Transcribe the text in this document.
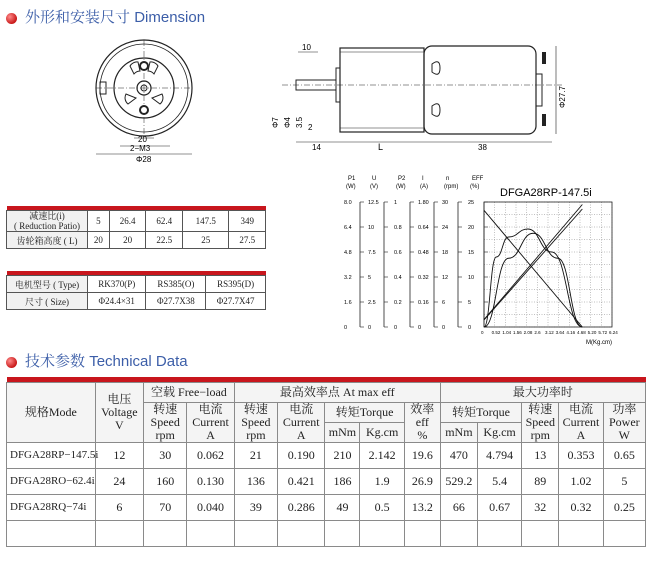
外形和安装尺寸 Dimension
20
2−M3
Φ28
10
Φ7 Φ4 3.5 2
14	L	38
Φ27.7

减速比(i)
( Reduction Patio)	5	26.4	62.4	147.5	349
齿轮箱高度 ( L)	20	20	22.5	25	27.5

电机型号 ( Type)	RK370(P)	RS385(O)	RS395(D)
尺寸 ( Size)	Φ24.4×31	Φ27.7X38	Φ27.7X47
DFGA28RP-147.5i
P1
(W)
8.0
6.4
4.8
3.2
1.6
0
U
(V)
12.5
10
7.5
5
2.5
0
P2
(W)
1
0.8
0.6
0.4
0.2
0
I
(A)
1.80
0.64
0.48
0.32
0.16
0
n
(rpm)
30
24
18
12
6
0
EFF
(%)
25
20
15
10
5
0
0 0.52 1.04 1.56 2.08 2.6 3.12 3.64 4.16 4.68 5.20 5.72 6.24
M(Kg.cm)
技术参数 Technical Data

规格Mode	电压
Voltage
V	空载 Free−load		最高效率点 At max eff					最大功率时				
		转速
Speed
rpm	电流
Current
A	转速
Speed
rpm	电流
Current
A	转矩Torque		效率
eff
%	转矩Torque		转速
Speed
rpm	电流
Current
A	功率
Power
W
						mNm	Kg.cm		mNm	Kg.cm			
DFGA28RP−147.5i	12	30	0.062	21	0.190	210	2.142	19.6	470	4.794	13	0.353	0.65
DFGA28RO−62.4i	24	160	0.130	136	0.421	186	1.9	26.9	529.2	5.4	89	1.02	5
DFGA28RQ−74i	6	70	0.040	39	0.286	49	0.5	13.2	66	0.67	32	0.32	0.25
